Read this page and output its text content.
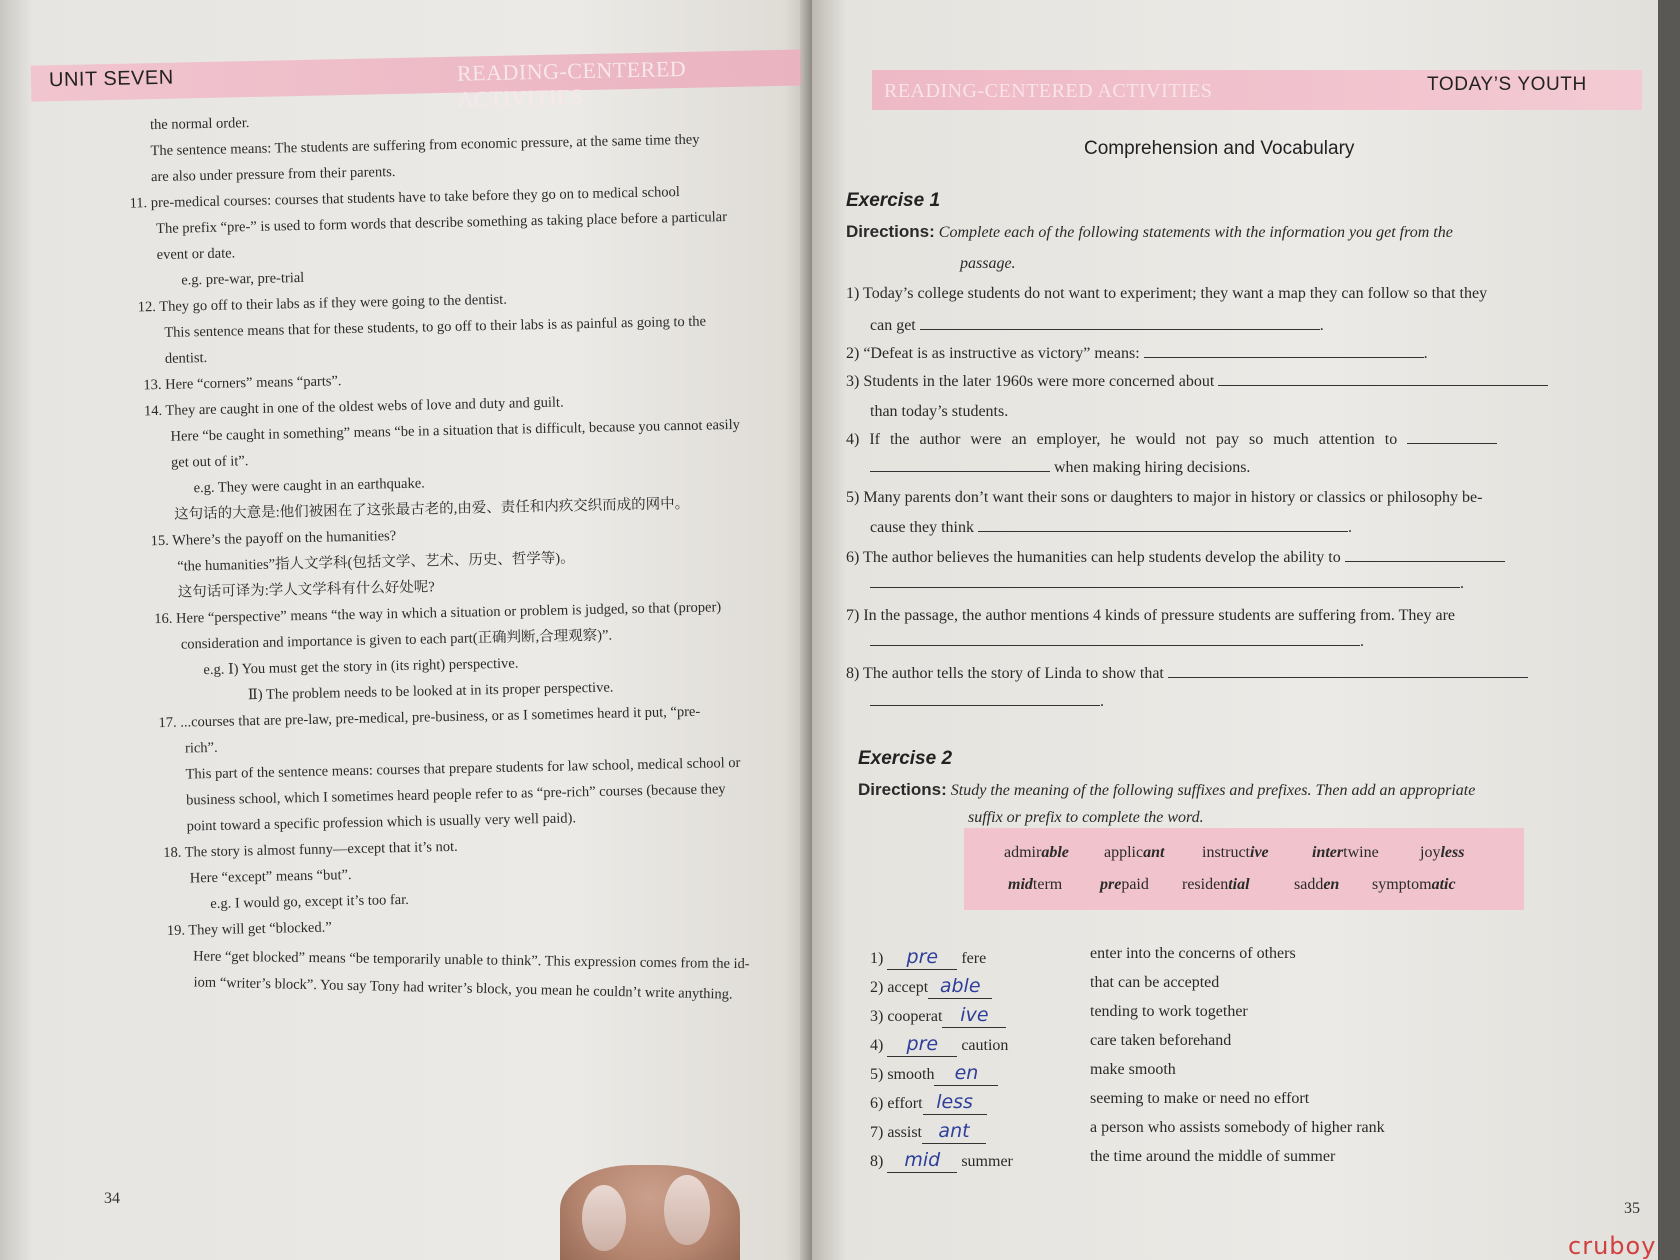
UNIT SEVEN	READING-CENTERED ACTIVITIES
the normal order.
The sentence means: The students are suffering from economic pressure, at the same time they
are also under pressure from their parents.
11. pre-medical courses: courses that students have to take before they go on to medical school
The prefix “pre-” is used to form words that describe something as taking place before a particular
event or date.
e.g. pre-war, pre-trial
12. They go off to their labs as if they were going to the dentist.
This sentence means that for these students, to go off to their labs is as painful as going to the
dentist.
13. Here “corners” means “parts”.
14. They are caught in one of the oldest webs of love and duty and guilt.
Here “be caught in something” means “be in a situation that is difficult, because you cannot easily
get out of it”.
e.g. They were caught in an earthquake.
这句话的大意是:他们被困在了这张最古老的,由爱、责任和内疚交织而成的网中。
15. Where’s the payoff on the humanities?
“the humanities”指人文学科(包括文学、艺术、历史、哲学等)。
这句话可译为:学人文学科有什么好处呢?
16. Here “perspective” means “the way in which a situation or problem is judged, so that (proper)
consideration and importance is given to each part(正确判断,合理观察)”.
e.g. Ⅰ) You must get the story in (its right) perspective.
Ⅱ) The problem needs to be looked at in its proper perspective.
17. ...courses that are pre-law, pre-medical, pre-business, or as I sometimes heard it put, “pre-
rich”.
This part of the sentence means: courses that prepare students for law school, medical school or
business school, which I sometimes heard people refer to as “pre-rich” courses (because they
point toward a specific profession which is usually very well paid).
18. The story is almost funny—except that it’s not.
Here “except” means “but”.
e.g. I would go, except it’s too far.
19. They will get “blocked.”
Here “get blocked” means “be temporarily unable to think”. This expression comes from the id-
iom “writer’s block”. You say Tony had writer’s block, you mean he couldn’t write anything.
34
READING-CENTERED ACTIVITIES	TODAY’S YOUTH
Comprehension and Vocabulary
Exercise 1
Directions: Complete each of the following statements with the information you get from the
passage.
1) Today’s college students do not want to experiment; they want a map they can follow so that they
can get	.
2) “Defeat is as instructive as victory” means:	.
3) Students in the later 1960s were more concerned about
than today’s students.
4) If the author were an employer, he would not pay so much attention to
when making hiring decisions.
5) Many parents don’t want their sons or daughters to major in history or classics or philosophy be-
cause they think	.
6) The author believes the humanities can help students develop the ability to
.
7) In the passage, the author mentions 4 kinds of pressure students are suffering from. They are
.
8) The author tells the story of Linda to show that
.
Exercise 2
Directions: Study the meaning of the following suffixes and prefixes. Then add an appropriate
suffix or prefix to complete the word.
admirable applicant instructive	intertwine	joyless
midterm prepaid residential	sadden symptomatic
1) pre fere	enter into the concerns of others
2) accept able	that can be accepted
3) cooperat ive	tending to work together
4) pre caution	care taken beforehand
5) smooth en	make smooth
6) effort less	seeming to make or need no effort
7) assist ant	a person who assists somebody of higher rank
8) mid summer	the time around the middle of summer
35
cruboy
